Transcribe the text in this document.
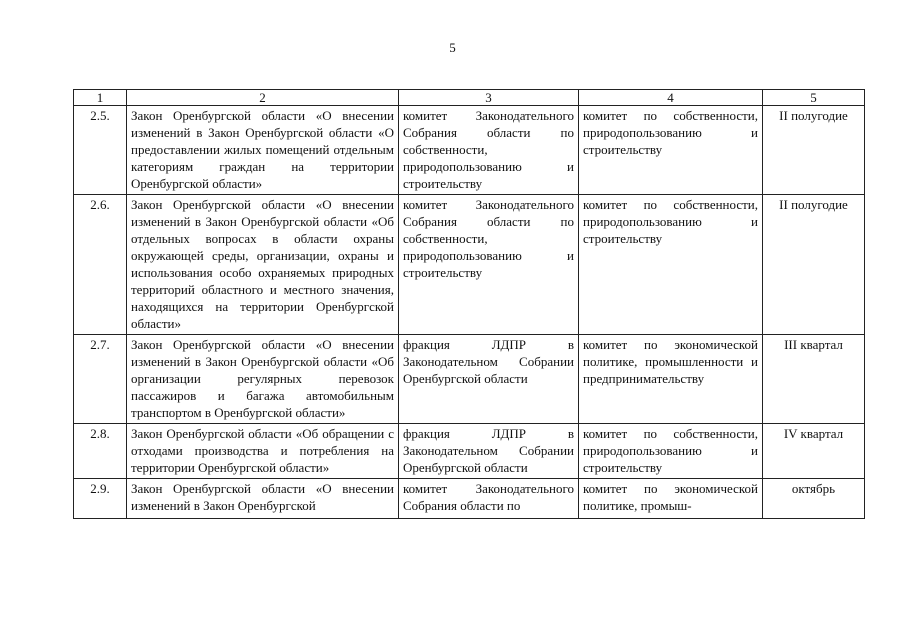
5
1	2	3	4	5
2.5.	Закон Оренбургской области «О внесении изменений в Закон Оренбургской области «О предоставлении жилых помещений отдельным категориям граждан на территории Оренбургской области»	комитет Законодательного Собрания области по собственности, природопользованию и строительству	комитет по собственности, природопользованию и строительству	II полугодие
2.6.	Закон Оренбургской области «О внесении изменений в Закон Оренбургской области «Об отдельных вопросах в области охраны окружающей среды, организации, охраны и использования особо охраняемых природных территорий областного и местного значения, находящихся на территории Оренбургской области»	комитет Законодательного Собрания области по собственности, природопользованию и строительству	комитет по собственности, природопользованию и строительству	II полугодие
2.7.	Закон Оренбургской области «О внесении изменений в Закон Оренбургской области «Об организации регулярных перевозок пассажиров и багажа автомобильным транспортом в Оренбургской области»	фракция ЛДПР в Законодательном Собрании Оренбургской области	комитет по экономической политике, промышленности и предпринимательству	III квартал
2.8.	Закон Оренбургской области «Об обращении с отходами производства и потребления на территории Оренбургской области»	фракция ЛДПР в Законодательном Собрании Оренбургской области	комитет по собственности, природопользованию и строительству	IV квартал

2.9.	Закон Оренбургской области «О внесении изменений в Закон Оренбургской	комитет Законодательного Собрания области по	комитет по экономической политике, промыш-	октябрь
